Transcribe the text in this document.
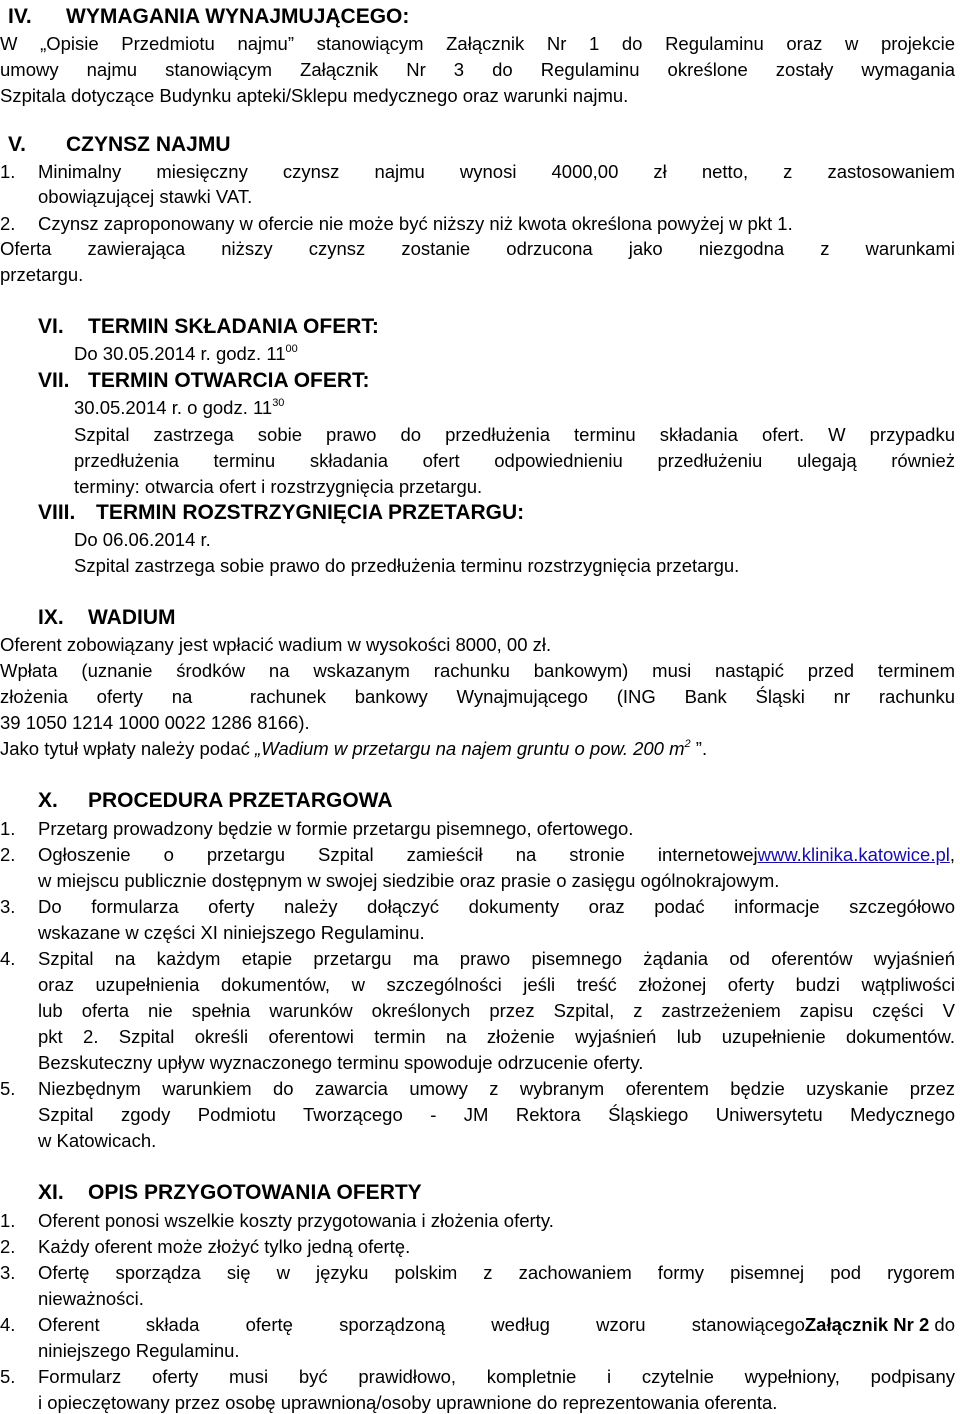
IV. WYMAGANIA WYNAJMUJĄCEGO:
W „Opisie Przedmiotu najmu” stanowiącym Załącznik Nr 1 do Regulaminu oraz w projekcie
umowy najmu stanowiącym Załącznik Nr 3 do Regulaminu określone zostały wymagania
Szpitala dotyczące Budynku apteki/Sklepu medycznego oraz warunki najmu.
V. CZYNSZ NAJMU
1. Minimalny miesięczny czynsz najmu wynosi 4000,00 zł netto, z zastosowaniem
obowiązującej stawki VAT.
2. Czynsz zaproponowany w ofercie nie może być niższy niż kwota określona powyżej w pkt 1.
Oferta zawierająca niższy czynsz zostanie odrzucona jako niezgodna z warunkami
przetargu.
VI. TERMIN SKŁADANIA OFERT:
Do 30.05.2014 r. godz. $11^{00}$
VII. TERMIN OTWARCIA OFERT:
30.05.2014 r. o godz. $11^{30}$
Szpital zastrzega sobie prawo do przedłużenia terminu składania ofert. W przypadku
przedłużenia terminu składania ofert odpowiednieniu przedłużeniu ulegają również
terminy: otwarcia ofert i rozstrzygnięcia przetargu.
VIII. TERMIN ROZSTRZYGNIĘCIA PRZETARGU:
Do 06.06.2014 r.
Szpital zastrzega sobie prawo do przedłużenia terminu rozstrzygnięcia przetargu.
IX. WADIUM
Oferent zobowiązany jest wpłacić wadium w wysokości 8000, 00 zł.
Wpłata (uznanie środków na wskazanym rachunku bankowym) musi nastąpić przed terminem
złożenia oferty na  rachunek bankowy Wynajmującego (ING Bank Śląski nr rachunku
39 1050 1214 1000 0022 1286 8166).
Jako tytuł wpłaty należy podać „Wadium w przetargu na najem gruntu o pow. 200 $m^2$ ”.
X. PROCEDURA PRZETARGOWA
1. Przetarg prowadzony będzie w formie przetargu pisemnego, ofertowego.
2. Ogłoszenie o przetargu Szpital zamieścił na stronie internetowej www.klinika.katowice.pl ,
w miejscu publicznie dostępnym w swojej siedzibie oraz prasie o zasięgu ogólnokrajowym.
3. Do formularza oferty należy dołączyć dokumenty oraz podać informacje szczegółowo
wskazane w części XI niniejszego Regulaminu.
4. Szpital na każdym etapie przetargu ma prawo pisemnego żądania od oferentów wyjaśnień
oraz uzupełnienia dokumentów, w szczególności jeśli treść złożonej oferty budzi wątpliwości
lub oferta nie spełnia warunków określonych przez Szpital, z zastrzeżeniem zapisu części V
pkt 2. Szpital określi oferentowi termin na złożenie wyjaśnień lub uzupełnienie dokumentów.
Bezskuteczny upływ wyznaczonego terminu spowoduje odrzucenie oferty.
5. Niezbędnym warunkiem do zawarcia umowy z wybranym oferentem będzie uzyskanie przez
Szpital zgody Podmiotu Tworzącego - JM Rektora Śląskiego Uniwersytetu Medycznego
w Katowicach.
XI. OPIS PRZYGOTOWANIA OFERTY
1. Oferent ponosi wszelkie koszty przygotowania i złożenia oferty.
2. Każdy oferent może złożyć tylko jedną ofertę.
3. Ofertę sporządza się w języku polskim z zachowaniem formy pisemnej pod rygorem
nieważności.
4. Oferent składa ofertę sporządzoną według wzoru stanowiącego Załącznik Nr 2 do
niniejszego Regulaminu.
5. Formularz oferty musi być prawidłowo, kompletnie i czytelnie wypełniony, podpisany
i opieczętowany przez osobę uprawnioną/osoby uprawnione do reprezentowania oferenta.
